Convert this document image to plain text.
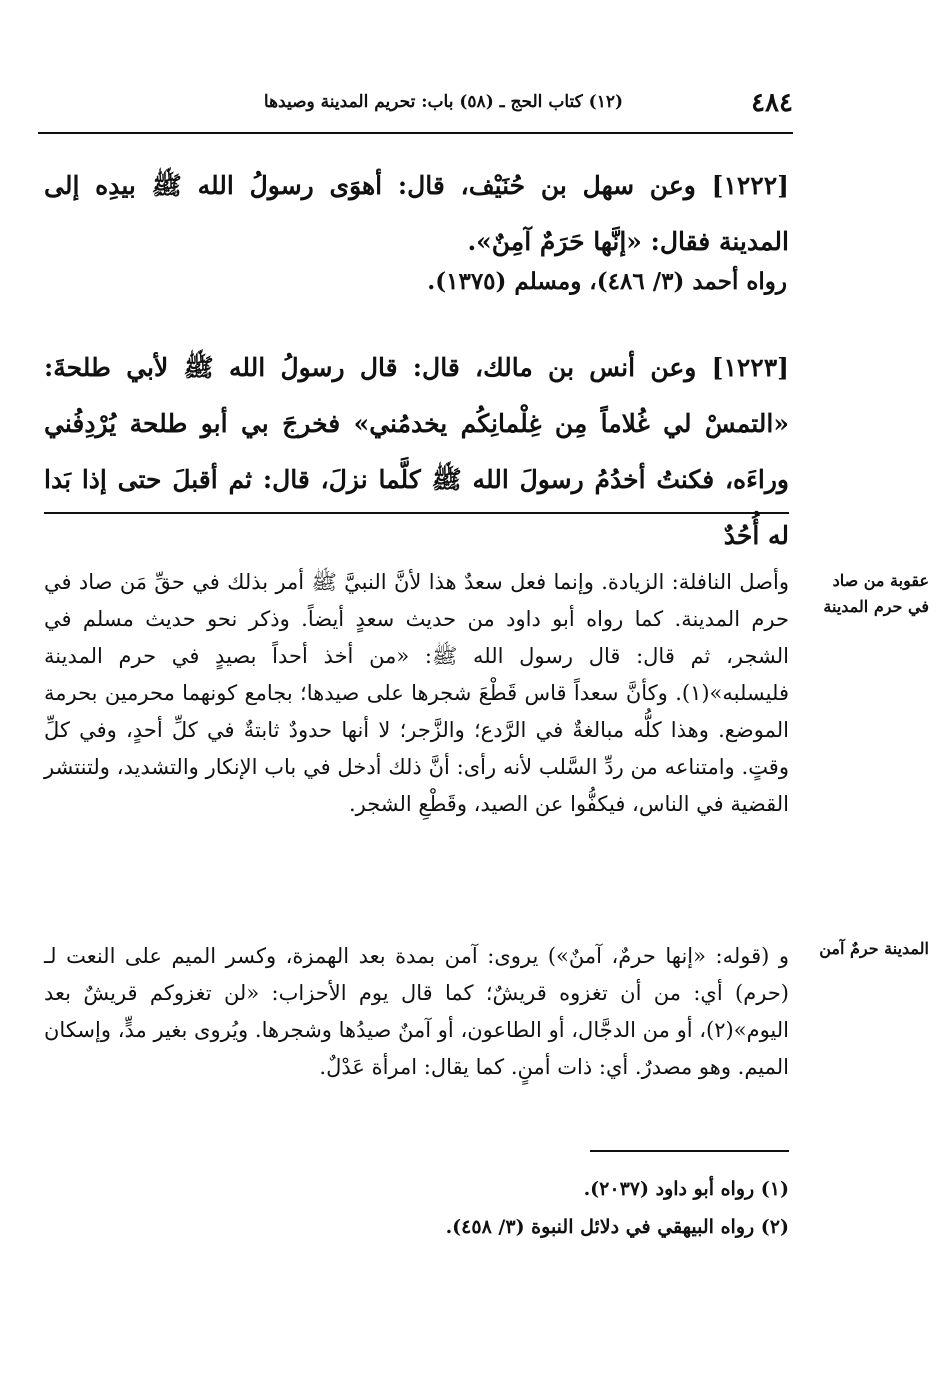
٤٨٤
(١٢) كتاب الحج ـ (٥٨) باب: تحريم المدينة وصيدها
[١٢٢٢] وعن سهل بن حُنَيْف، قال: أهوَى رسولُ الله ﷺ بيدِه إلى المدينة فقال: «إنَّها حَرَمٌ آمِنٌ».
رواه أحمد (٣/ ٤٨٦)، ومسلم (١٣٧٥).
[١٢٢٣] وعن أنس بن مالك، قال: قال رسولُ الله ﷺ لأبي طلحةَ: «التمسْ لي غُلاماً مِن غِلْمانِكُم يخدمُني» فخرجَ بي أبو طلحة يُرْدِفُني وراءَه، فكنتُ أخدُمُ رسولَ الله ﷺ كلَّما نزلَ، قال: ثم أقبلَ حتى إذا بَدا له أُحُدٌ
عقوبة من صاد في حرم المدينة
وأصل النافلة: الزيادة. وإنما فعل سعدٌ هذا لأنَّ النبيَّ ﷺ أمر بذلك في حقِّ مَن صاد في حرم المدينة. كما رواه أبو داود من حديث سعدٍ أيضاً. وذكر نحو حديث مسلم في الشجر، ثم قال: قال رسول الله ﷺ: «من أخذ أحداً بصيدٍ في حرم المدينة فليسلبه»(١). وكأنَّ سعداً قاس قَطْعَ شجرها على صيدها؛ بجامع كونهما محرمين بحرمة الموضع. وهذا كلُّه مبالغةٌ في الرَّدع؛ والزَّجر؛ لا أنها حدودٌ ثابتةٌ في كلِّ أحدٍ، وفي كلِّ وقتٍ. وامتناعه من ردِّ السَّلب لأنه رأى: أنَّ ذلك أدخل في باب الإنكار والتشديد، ولتنتشر القضية في الناس، فيكفُّوا عن الصيد، وقَطْعِ الشجر.
المدينة حرمٌ آمن
و (قوله: «إنها حرمٌ، آمنٌ») يروى: آمن بمدة بعد الهمزة، وكسر الميم على النعت لـ (حرم) أي: من أن تغزوه قريشٌ؛ كما قال يوم الأحزاب: «لن تغزوكم قريشٌ بعد اليوم»(٢)، أو من الدجَّال، أو الطاعون، أو آمنٌ صيدُها وشجرها. ويُروى بغير مدٍّ، وإسكان الميم. وهو مصدرٌ. أي: ذات أمنٍ. كما يقال: امرأة عَدْلٌ.
(١) رواه أبو داود (٢٠٣٧).
(٢) رواه البيهقي في دلائل النبوة (٣/ ٤٥٨).
